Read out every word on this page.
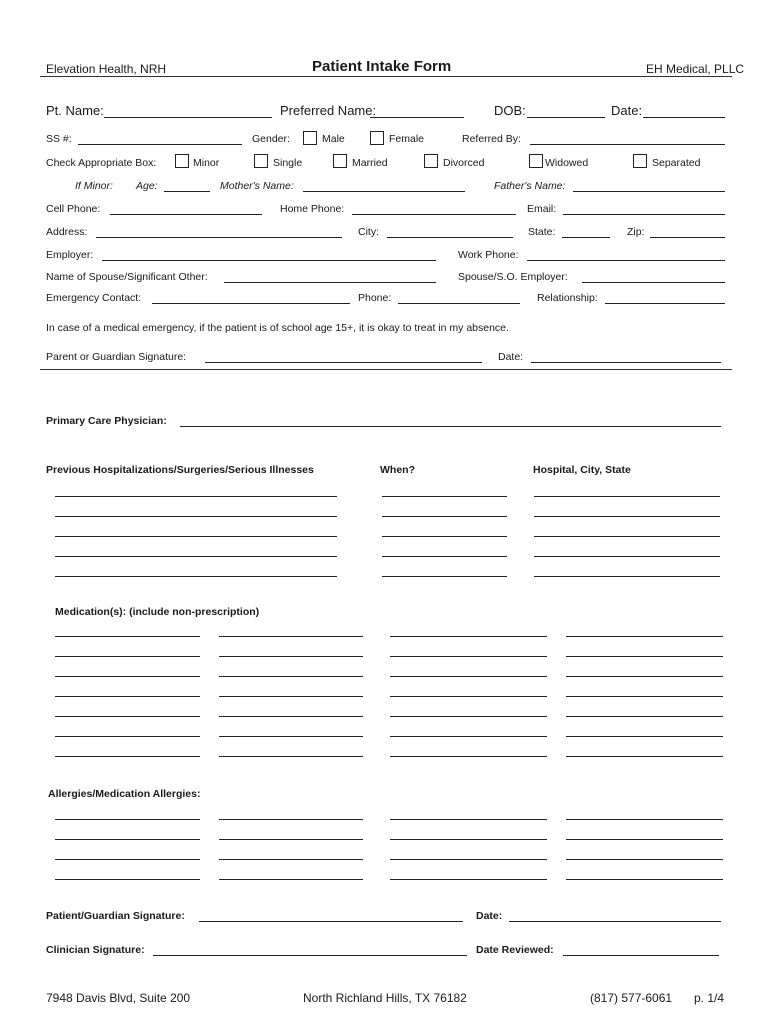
Elevation Health, NRH	Patient Intake Form	EH Medical, PLLC
Pt. Name:	Preferred Name:	DOB:	Date:
SS #:	Gender:	Male	Female	Referred By:
Check Appropriate Box:	Minor	Single	Married	Divorced	Widowed	Separated
If Minor: Age:	Mother's Name:	Father's Name:
Cell Phone:	Home Phone:	Email:
Address:	City:	State:	Zip:
Employer:	Work Phone:
Name of Spouse/Significant Other:	Spouse/S.O. Employer:
Emergency Contact:	Phone:	Relationship:
In case of a medical emergency, if the patient is of school age 15+, it is okay to treat in my absence.
Parent or Guardian Signature:	Date:
Primary Care Physician:
Previous Hospitalizations/Surgeries/Serious Illnesses	When?	Hospital, City, State
Medication(s): (include non-prescription)
Allergies/Medication Allergies:
Patient/Guardian Signature:	Date:
Clinician Signature:	Date Reviewed:
7948 Davis Blvd, Suite 200	North Richland Hills, TX 76182	(817) 577-6061 p. 1/4
